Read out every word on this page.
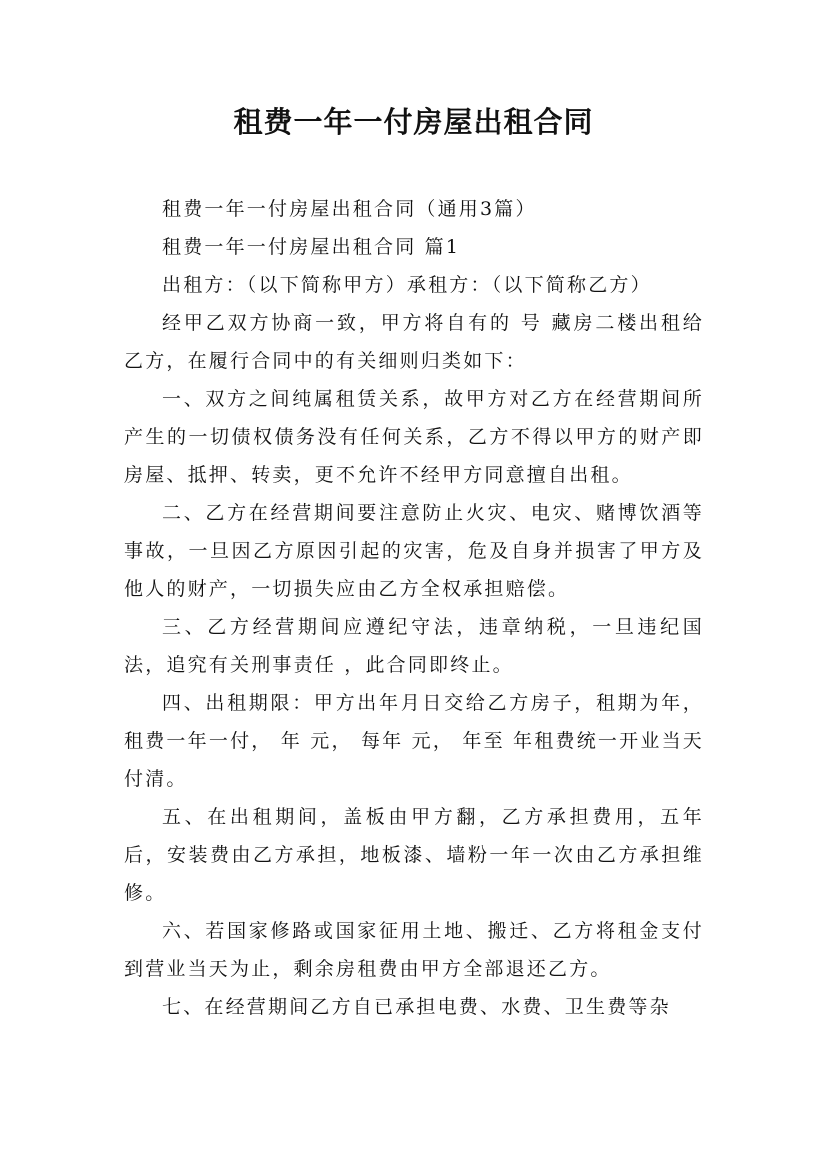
租费一年一付房屋出租合同

租费一年一付房屋出租合同（通用3篇）

租费一年一付房屋出租合同 篇1

出租方：（以下简称甲方）承租方：（以下简称乙方）

经甲乙双方协商一致，甲方将自有的 号 藏房二楼出租给乙方，在履行合同中的有关细则归类如下：

一、双方之间纯属租赁关系，故甲方对乙方在经营期间所产生的一切债权债务没有任何关系，乙方不得以甲方的财产即房屋、抵押、转卖，更不允许不经甲方同意擅自出租。

二、乙方在经营期间要注意防止火灾、电灾、赌博饮酒等事故，一旦因乙方原因引起的灾害，危及自身并损害了甲方及他人的财产，一切损失应由乙方全权承担赔偿。

三、乙方经营期间应遵纪守法，违章纳税，一旦违纪国法，追究有关刑事责任 ，此合同即终止。

四、出租期限：甲方出年月日交给乙方房子，租期为年，租费一年一付， 年 元， 每年 元， 年至 年租费统一开业当天付清。

五、在出租期间，盖板由甲方翻，乙方承担费用，五年后，安装费由乙方承担，地板漆、墙粉一年一次由乙方承担维修。

六、若国家修路或国家征用土地、搬迁、乙方将租金支付到营业当天为止，剩余房租费由甲方全部退还乙方。

七、在经营期间乙方自已承担电费、水费、卫生费等杂
